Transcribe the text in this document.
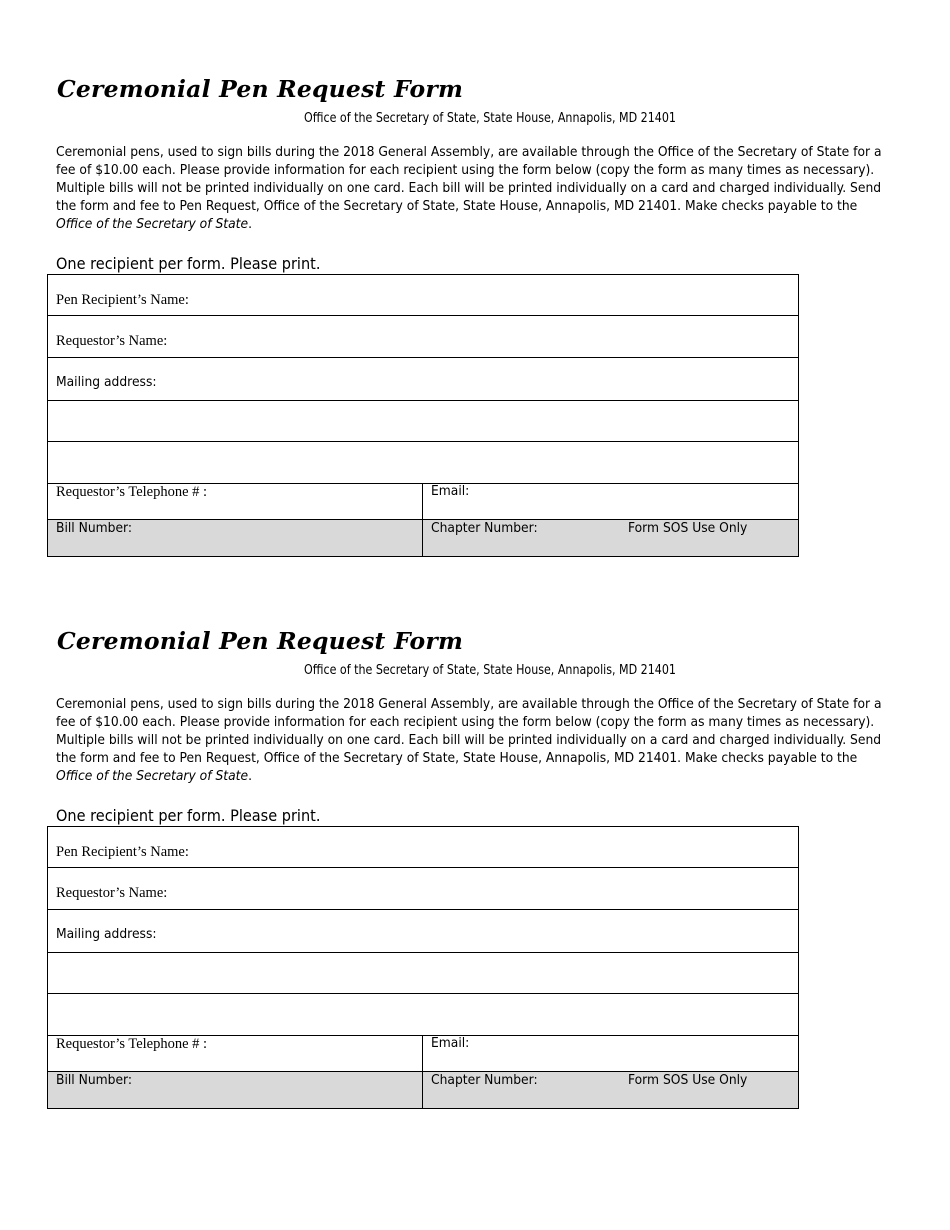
Ceremonial Pen Request Form
Office of the Secretary of State, State House, Annapolis, MD 21401

Ceremonial pens, used to sign bills during the 2018 General Assembly, are available through the Office of the Secretary of State for a fee of $10.00 each. Please provide information for each recipient using the form below (copy the form as many times as necessary). Multiple bills will not be printed individually on one card. Each bill will be printed individually on a card and charged individually. Send the form and fee to Pen Request, Office of the Secretary of State, State House, Annapolis, MD 21401. Make checks payable to the Office of the Secretary of State.

One recipient per form. Please print.
Pen Recipient’s Name:
Requestor’s Name:
Mailing address:
Requestor’s Telephone # :	Email:
Bill Number:	Chapter Number:	Form SOS Use Only
Ceremonial Pen Request Form
Office of the Secretary of State, State House, Annapolis, MD 21401

Ceremonial pens, used to sign bills during the 2018 General Assembly, are available through the Office of the Secretary of State for a fee of $10.00 each. Please provide information for each recipient using the form below (copy the form as many times as necessary). Multiple bills will not be printed individually on one card. Each bill will be printed individually on a card and charged individually. Send the form and fee to Pen Request, Office of the Secretary of State, State House, Annapolis, MD 21401. Make checks payable to the Office of the Secretary of State.

One recipient per form. Please print.
Pen Recipient’s Name:
Requestor’s Name:
Mailing address:
Requestor’s Telephone # :	Email:
Bill Number:	Chapter Number:	Form SOS Use Only
